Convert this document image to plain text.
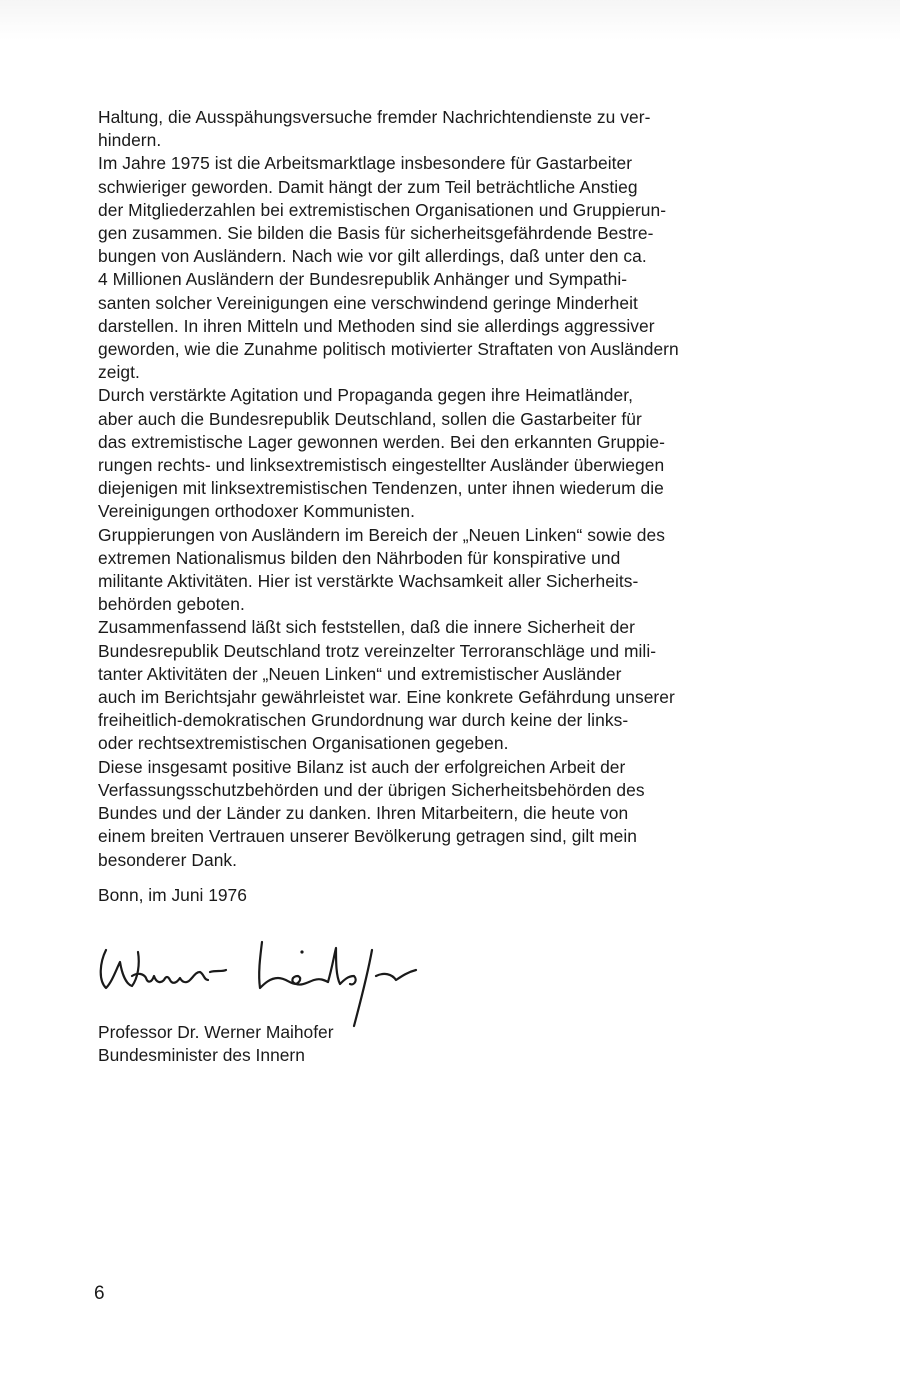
Haltung, die Ausspähungsversuche fremder Nachrichtendienste zu ver-
hindern.
Im Jahre 1975 ist die Arbeitsmarktlage insbesondere für Gastarbeiter
schwieriger geworden. Damit hängt der zum Teil beträchtliche Anstieg
der Mitgliederzahlen bei extremistischen Organisationen und Gruppierun-
gen zusammen. Sie bilden die Basis für sicherheitsgefährdende Bestre-
bungen von Ausländern. Nach wie vor gilt allerdings, daß unter den ca.
4 Millionen Ausländern der Bundesrepublik Anhänger und Sympathi-
santen solcher Vereinigungen eine verschwindend geringe Minderheit
darstellen. In ihren Mitteln und Methoden sind sie allerdings aggressiver
geworden, wie die Zunahme politisch motivierter Straftaten von Ausländern
zeigt.
Durch verstärkte Agitation und Propaganda gegen ihre Heimatländer,
aber auch die Bundesrepublik Deutschland, sollen die Gastarbeiter für
das extremistische Lager gewonnen werden. Bei den erkannten Gruppie-
rungen rechts- und linksextremistisch eingestellter Ausländer überwiegen
diejenigen mit linksextremistischen Tendenzen, unter ihnen wiederum die
Vereinigungen orthodoxer Kommunisten.
Gruppierungen von Ausländern im Bereich der „Neuen Linken“ sowie des
extremen Nationalismus bilden den Nährboden für konspirative und
militante Aktivitäten. Hier ist verstärkte Wachsamkeit aller Sicherheits-
behörden geboten.
Zusammenfassend läßt sich feststellen, daß die innere Sicherheit der
Bundesrepublik Deutschland trotz vereinzelter Terroranschläge und mili-
tanter Aktivitäten der „Neuen Linken“ und extremistischer Ausländer
auch im Berichtsjahr gewährleistet war. Eine konkrete Gefährdung unserer
freiheitlich-demokratischen Grundordnung war durch keine der links-
oder rechtsextremistischen Organisationen gegeben.
Diese insgesamt positive Bilanz ist auch der erfolgreichen Arbeit der
Verfassungsschutzbehörden und der übrigen Sicherheitsbehörden des
Bundes und der Länder zu danken. Ihren Mitarbeitern, die heute von
einem breiten Vertrauen unserer Bevölkerung getragen sind, gilt mein
besonderer Dank.
Bonn, im Juni 1976
Professor Dr. Werner Maihofer
Bundesminister des Innern
6
